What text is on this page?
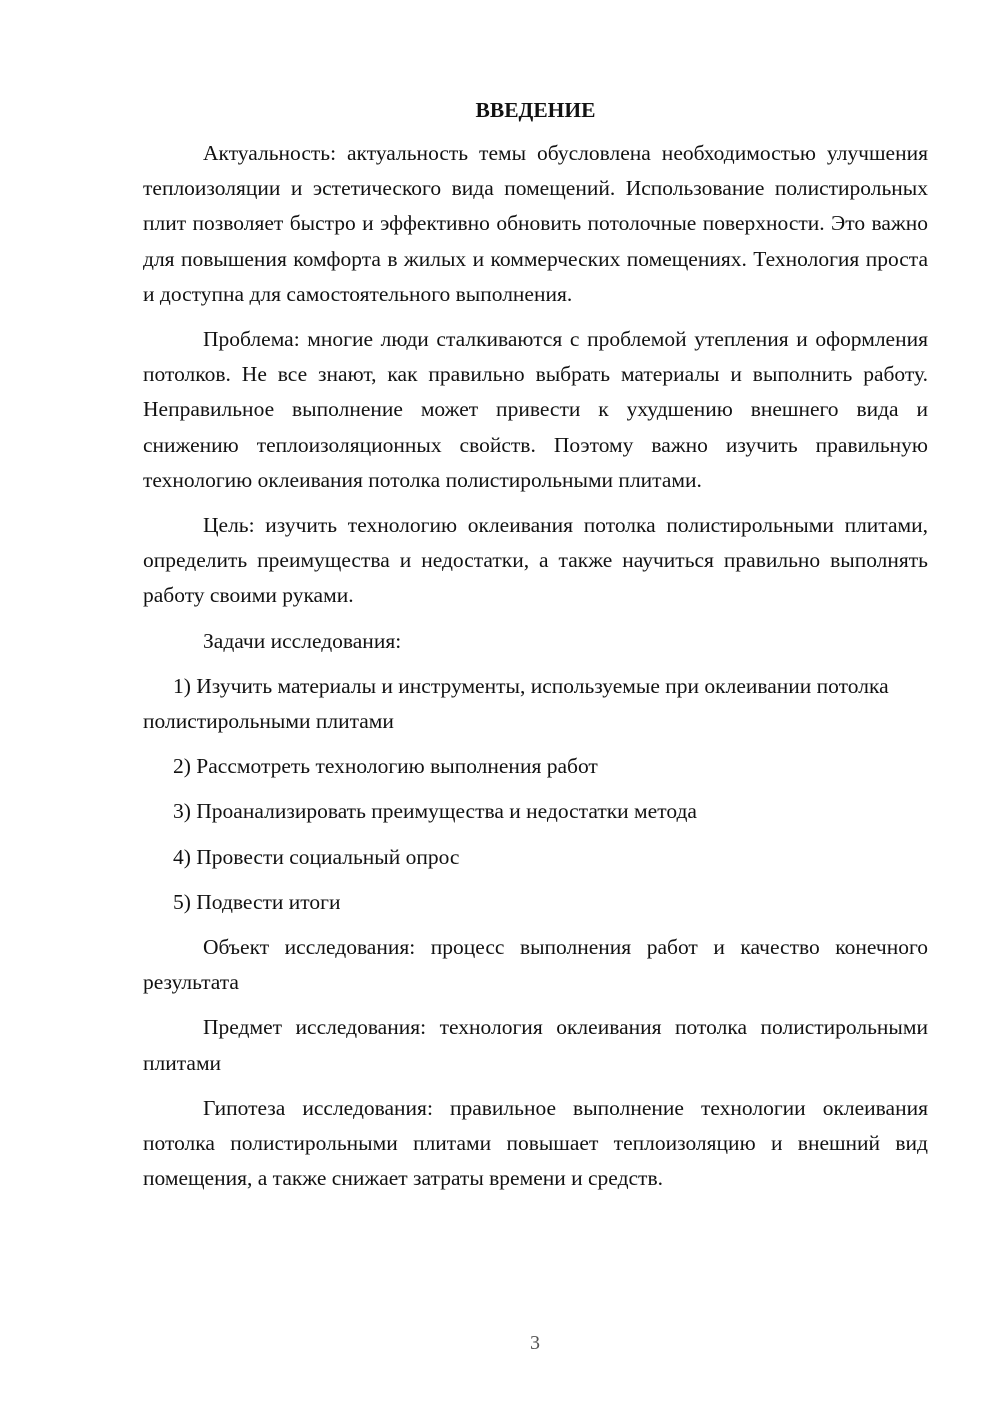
ВВЕДЕНИЕ
Актуальность: актуальность темы обусловлена необходимостью улучшения теплоизоляции и эстетического вида помещений. Использование полистирольных плит позволяет быстро и эффективно обновить потолочные поверхности. Это важно для повышения комфорта в жилых и коммерческих помещениях. Технология проста и доступна для самостоятельного выполнения.
Проблема: многие люди сталкиваются с проблемой утепления и оформления потолков. Не все знают, как правильно выбрать материалы и выполнить работу. Неправильное выполнение может привести к ухудшению внешнего вида и снижению теплоизоляционных свойств. Поэтому важно изучить правильную технологию оклеивания потолка полистирольными плитами.
Цель: изучить технологию оклеивания потолка полистирольными плитами, определить преимущества и недостатки, а также научиться правильно выполнять работу своими руками.
Задачи исследования:
1) Изучить материалы и инструменты, используемые при оклеивании потолка полистирольными плитами
2) Рассмотреть технологию выполнения работ
3) Проанализировать преимущества и недостатки метода
4) Провести социальный опрос
5) Подвести итоги
Объект исследования: процесс выполнения работ и качество конечного результата
Предмет исследования: технология оклеивания потолка полистирольными плитами
Гипотеза исследования: правильное выполнение технологии оклеивания потолка полистирольными плитами повышает теплоизоляцию и внешний вид помещения, а также снижает затраты времени и средств.
3
